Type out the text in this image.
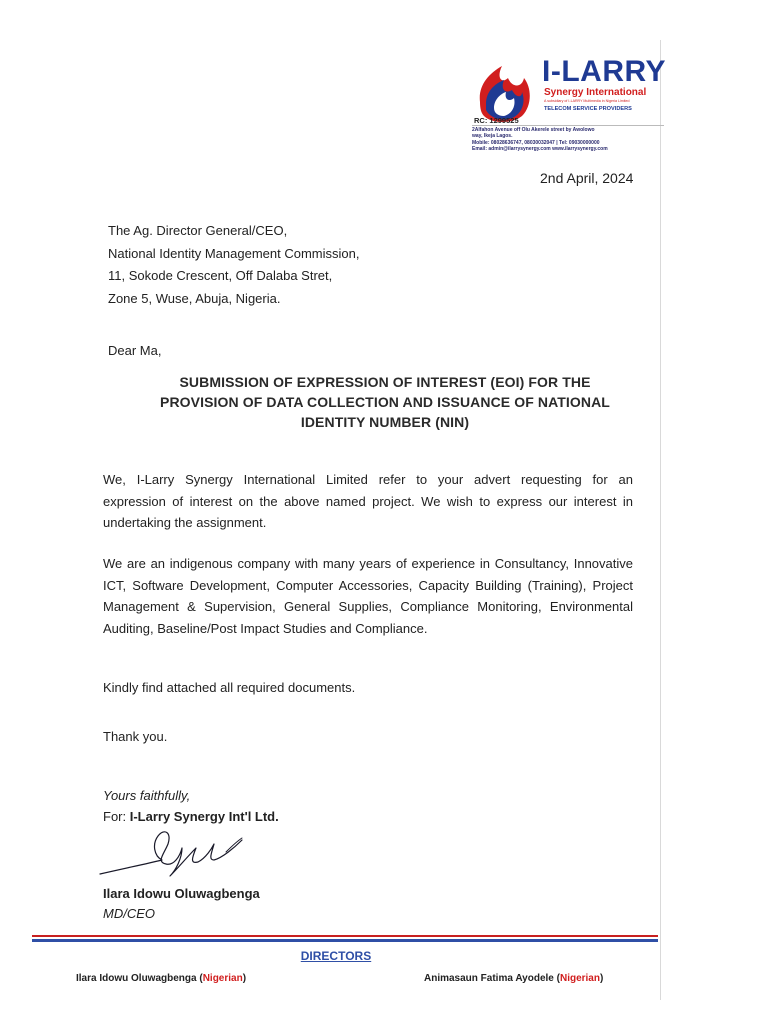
I-LARRY
Synergy International
A subsidiary of I-LARRY Multimedia in Nigeria Limited
TELECOM SERVICE PROVIDERS
RC: 1299525
2Alfahon Avenue off Olu Akerele street by Awolowo
way, Ikeja Lagos.
Mobile: 08028636747, 08030032047 | Tel: 09030000000
Email: admin@ilarrysynergy.com www.ilarrysynergy.com
2nd April, 2024
The Ag. Director General/CEO,
National Identity Management Commission,
11, Sokode Crescent, Off Dalaba Stret,
Zone 5, Wuse, Abuja, Nigeria.
Dear Ma,
SUBMISSION OF EXPRESSION OF INTEREST (EOI) FOR THE
PROVISION OF DATA COLLECTION AND ISSUANCE OF NATIONAL
IDENTITY NUMBER (NIN)
We, I-Larry Synergy International Limited refer to your advert requesting for an
expression of interest on the above named project. We wish to express our interest in
undertaking the assignment.
We are an indigenous company with many years of experience in Consultancy, Innovative
ICT, Software Development, Computer Accessories, Capacity Building (Training), Project
Management & Supervision, General Supplies, Compliance Monitoring, Environmental
Auditing, Baseline/Post Impact Studies and Compliance.
Kindly find attached all required documents.
Thank you.
Yours faithfully,
For: I-Larry Synergy Int'l Ltd.
Ilara Idowu Oluwagbenga
MD/CEO
DIRECTORS
Ilara Idowu Oluwagbenga (Nigerian)	Animasaun Fatima Ayodele (Nigerian)
